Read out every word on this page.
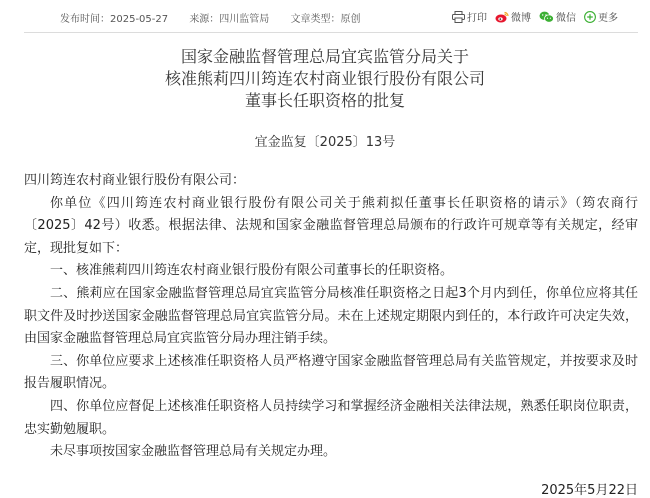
发布时间：2025-05-27 来源：四川监管局 文章类型：原创	打印 微博	微信 更多
国家金融监督管理总局宜宾监管分局关于
核准熊莉四川筠连农村商业银行股份有限公司
董事长任职资格的批复
宜金监复〔2025〕13号

四川筠连农村商业银行股份有限公司：

你单位《四川筠连农村商业银行股份有限公司关于熊莉拟任董事长任职资格的请示》（筠农商行〔2025〕42号）收悉。根据法律、法规和国家金融监督管理总局颁布的行政许可规章等有关规定，经审定，现批复如下：

一、核准熊莉四川筠连农村商业银行股份有限公司董事长的任职资格。

二、熊莉应在国家金融监督管理总局宜宾监管分局核准任职资格之日起3个月内到任，你单位应将其任职文件及时抄送国家金融监督管理总局宜宾监管分局。未在上述规定期限内到任的，本行政许可决定失效，由国家金融监督管理总局宜宾监管分局办理注销手续。

三、你单位应要求上述核准任职资格人员严格遵守国家金融监督管理总局有关监管规定，并按要求及时报告履职情况。

四、你单位应督促上述核准任职资格人员持续学习和掌握经济金融相关法律法规，熟悉任职岗位职责，忠实勤勉履职。

未尽事项按国家金融监督管理总局有关规定办理。

2025年5月22日
